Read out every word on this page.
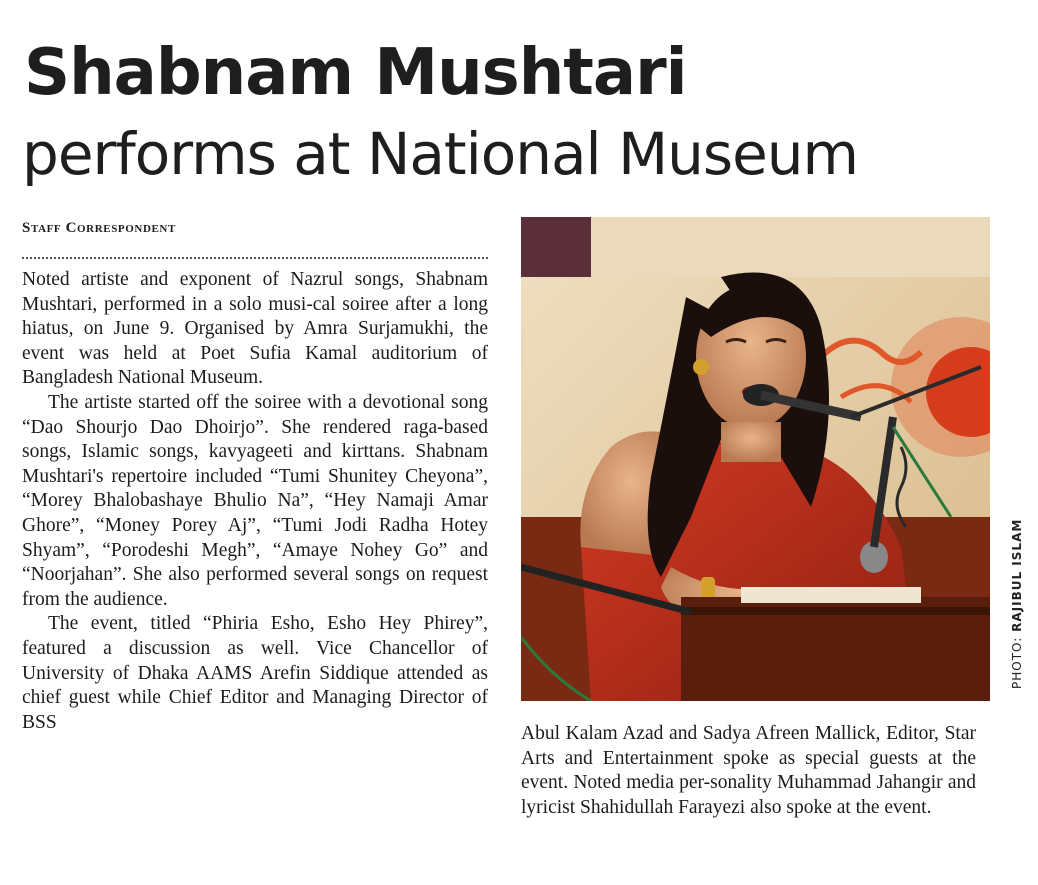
Shabnam Mushtari
performs at National Museum
Staff Correspondent

Noted artiste and exponent of Nazrul songs, Shabnam Mushtari, performed in a solo musi-cal soiree after a long hiatus, on June 9. Organised by Amra Surjamukhi, the event was held at Poet Sufia Kamal auditorium of Bangladesh National Museum.

The artiste started off the soiree with a devotional song “Dao Shourjo Dao Dhoirjo”. She rendered raga-based songs, Islamic songs, kavyageeti and kirttans. Shabnam Mushtari's repertoire included “Tumi Shunitey Cheyona”, “Morey Bhalobashaye Bhulio Na”, “Hey Namaji Amar Ghore”, “Money Porey Aj”, “Tumi Jodi Radha Hotey Shyam”, “Porodeshi Megh”, “Amaye Nohey Go” and “Noorjahan”. She also performed several songs on request from the audience.

The event, titled “Phiria Esho, Esho Hey Phirey”, featured a discussion as well. Vice Chancellor of University of Dhaka AAMS Arefin Siddique attended as chief guest while Chief Editor and Managing Director of BSS

PHOTO: RAJIBUL ISLAM

Abul Kalam Azad and Sadya Afreen Mallick, Editor, Star Arts and Entertainment spoke as special guests at the event. Noted media per-sonality Muhammad Jahangir and lyricist Shahidullah Farayezi also spoke at the event.
